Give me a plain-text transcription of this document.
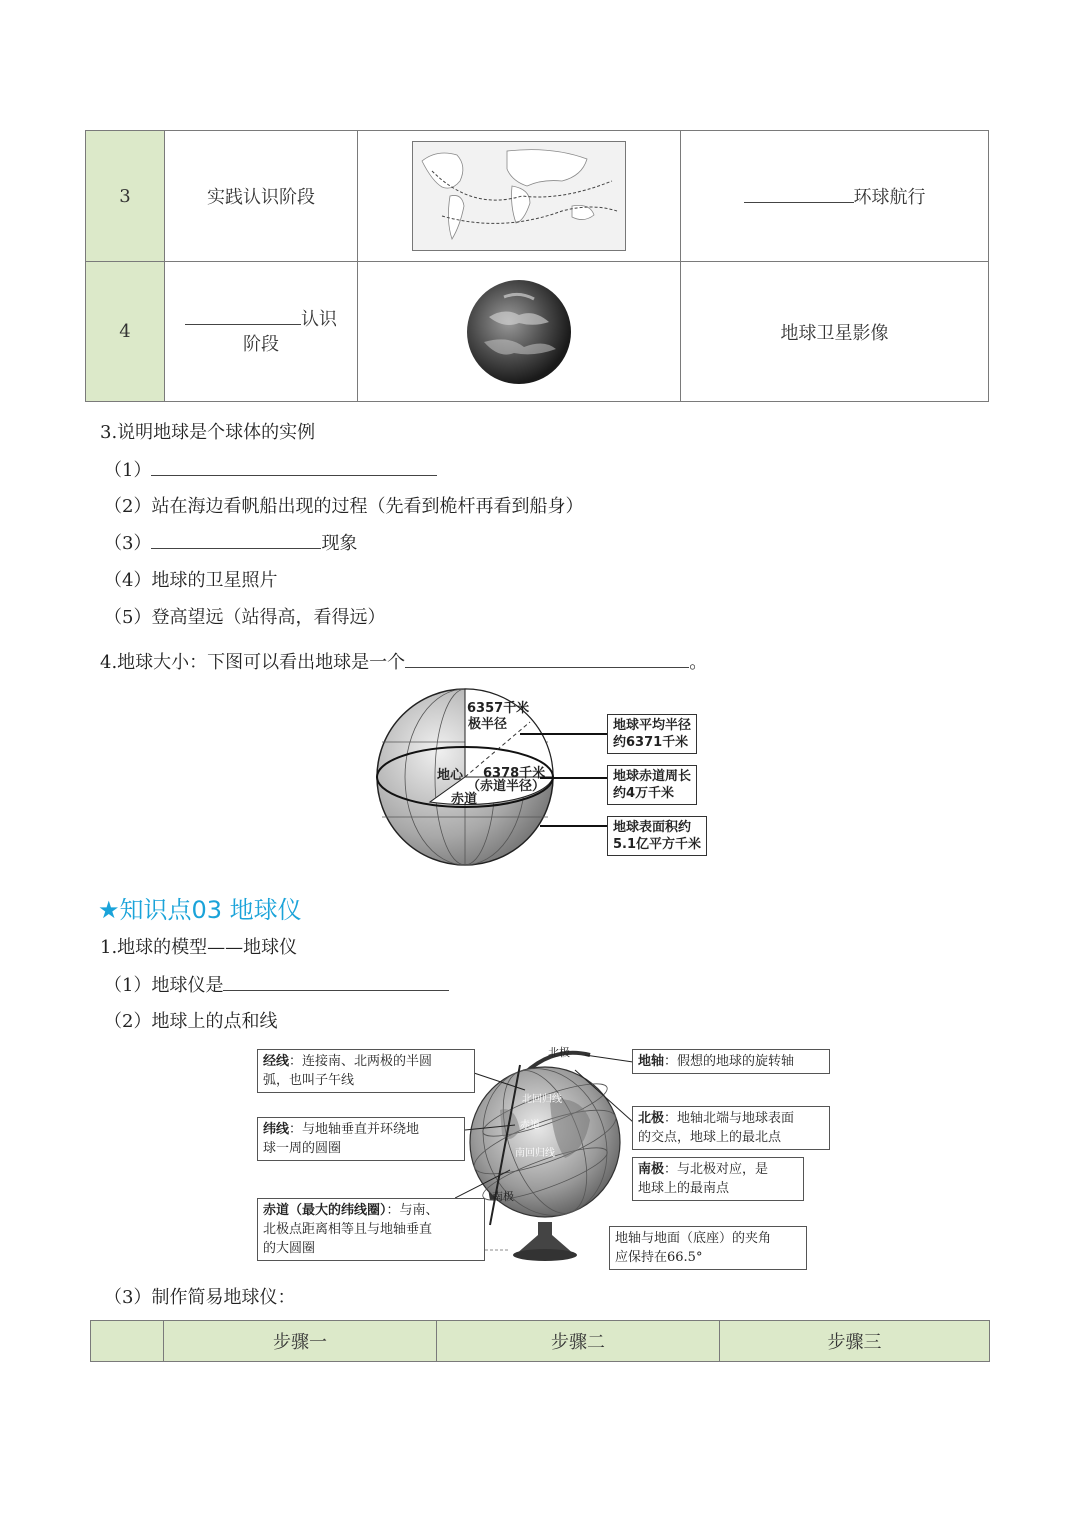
3	实践认识阶段		环球航行
4	认识
阶段		地球卫星影像
3.说明地球是个球体的实例
（1）
（2）站在海边看帆船出现的过程（先看到桅杆再看到船身）
（3）	现象
（4）地球的卫星照片
（5）登高望远（站得高，看得远）
4.地球大小：下图可以看出地球是一个	。
6357千米
极半径
地心 6378千米
（赤道半径）
赤道
地球平均半径
约6371千米
地球赤道周长
约4万千米
地球表面积约
5.1亿平方千米
★知识点03 地球仪
1.地球的模型——地球仪
（1）地球仪是
（2）地球上的点和线
北极
北回归线
赤道
南回归线
南极
经线：连接南、北两极的半圆
弧，也叫子午线
纬线：与地轴垂直并环绕地
球一周的圆圈
赤道（最大的纬线圈）：与南、
北极点距离相等且与地轴垂直
的大圆圈
地轴：假想的地球的旋转轴
北极：地轴北端与地球表面
的交点，地球上的最北点
南极：与北极对应，是
地球上的最南点
地轴与地面（底座）的夹角
应保持在66.5°
（3）制作简易地球仪：
	步骤一	步骤二	步骤三
